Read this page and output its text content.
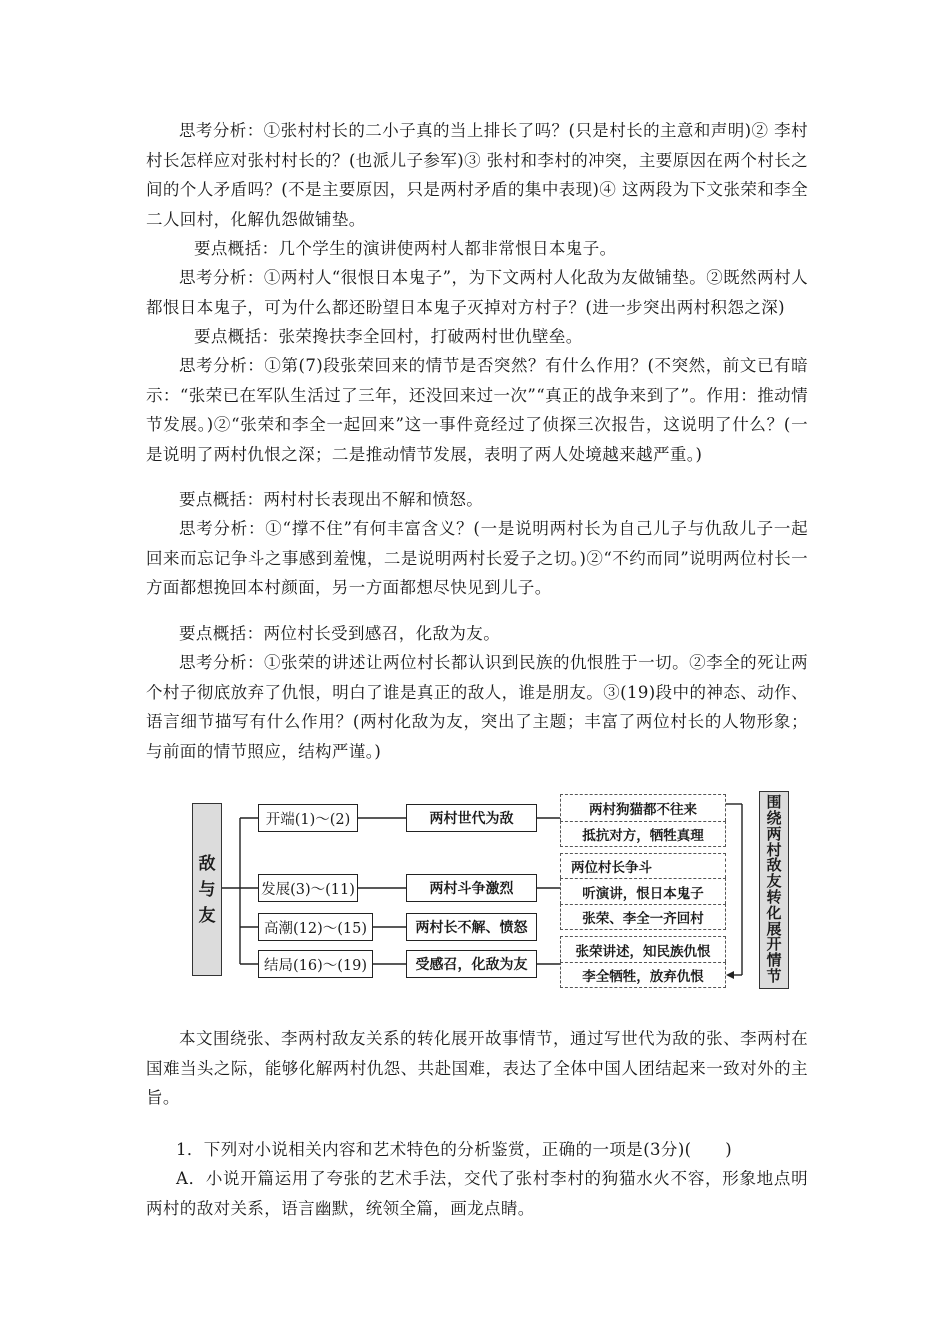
思考分析：①张村村长的二小子真的当上排长了吗？(只是村长的主意和声明)② 李村村长怎样应对张村村长的？(也派儿子参军)③ 张村和李村的冲突，主要原因在两个村长之间的个人矛盾吗？(不是主要原因，只是两村矛盾的集中表现)④ 这两段为下文张荣和李全二人回村，化解仇怨做铺垫。

要点概括：几个学生的演讲使两村人都非常恨日本鬼子。

思考分析：①两村人“很恨日本鬼子”，为下文两村人化敌为友做铺垫。②既然两村人都恨日本鬼子，可为什么都还盼望日本鬼子灭掉对方村子？(进一步突出两村积怨之深)

要点概括：张荣搀扶李全回村，打破两村世仇壁垒。

思考分析：①第(7)段张荣回来的情节是否突然？有什么作用？(不突然，前文已有暗示：“张荣已在军队生活过了三年，还没回来过一次”“真正的战争来到了”。作用：推动情节发展。)②“张荣和李全一起回来”这一事件竟经过了侦探三次报告，这说明了什么？(一是说明了两村仇恨之深；二是推动情节发展，表明了两人处境越来越严重。)

要点概括：两村村长表现出不解和愤怒。

思考分析：①“撑不住”有何丰富含义？(一是说明两村长为自己儿子与仇敌儿子一起回来而忘记争斗之事感到羞愧，二是说明两村长爱子之切。)②“不约而同”说明两位村长一方面都想挽回本村颜面，另一方面都想尽快见到儿子。

要点概括：两位村长受到感召，化敌为友。

思考分析：①张荣的讲述让两位村长都认识到民族的仇恨胜于一切。②李全的死让两个村子彻底放弃了仇恨，明白了谁是真正的敌人，谁是朋友。③(19)段中的神态、动作、语言细节描写有什么作用？(两村化敌为友，突出了主题；丰富了两位村长的人物形象；与前面的情节照应，结构严谨。)

敌
与
友
开端(1)～(2)
发展(3)～(11)
高潮(12)～(15)
结局(16)～(19)
两村世代为敌
两村斗争激烈
两村长不解、愤怒
受感召，化敌为友
两村狗猫都不往来
抵抗对方，牺牲真理
两位村长争斗
听演讲，恨日本鬼子
张荣、李全一齐回村
张荣讲述，知民族仇恨
李全牺牲，放弃仇恨
围
绕
两
村
敌
友
转
化
展
开
情
节

本文围绕张、李两村敌友关系的转化展开故事情节，通过写世代为敌的张、李两村在国难当头之际，能够化解两村仇怨、共赴国难，表达了全体中国人团结起来一致对外的主旨。

1．下列对小说相关内容和艺术特色的分析鉴赏，正确的一项是(3分)(　　)

A．小说开篇运用了夸张的艺术手法，交代了张村李村的狗猫水火不容，形象地点明两村的敌对关系，语言幽默，统领全篇，画龙点睛。
